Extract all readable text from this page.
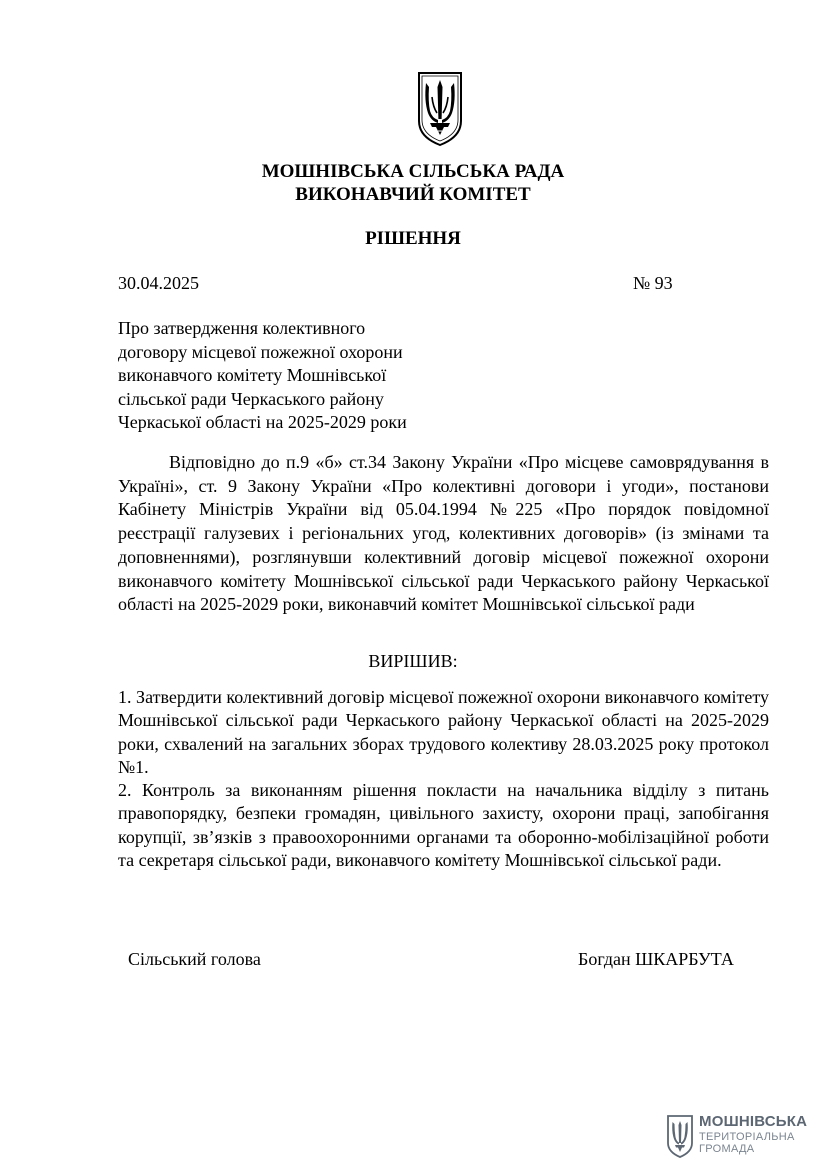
МОШНІВСЬКА СІЛЬСЬКА РАДА
ВИКОНАВЧИЙ КОМІТЕТ
РІШЕННЯ
30.04.2025	№ 93
Про затвердження колективного
договору місцевої пожежної охорони
виконавчого комітету Мошнівської
сільської ради Черкаського району
Черкаської області на 2025-2029 роки

Відповідно до п.9 «б» ст.34 Закону України «Про місцеве самоврядування в Україні», ст. 9 Закону України «Про колективні договори і угоди», постанови Кабінету Міністрів України від 05.04.1994 №225 «Про порядок повідомної реєстрації галузевих і регіональних угод, колективних договорів» (із змінами та доповненнями), розглянувши колективний договір місцевої пожежної охорони виконавчого комітету Мошнівської сільської ради Черкаського району Черкаської області на 2025-2029 роки, виконавчий комітет Мошнівської сільської ради

ВИРІШИВ:

1. Затвердити колективний договір місцевої пожежної охорони виконавчого комітету Мошнівської сільської ради Черкаського району Черкаської області на 2025-2029 роки, схвалений на загальних зборах трудового колективу 28.03.2025 року протокол №1.

2. Контроль за виконанням рішення покласти на начальника відділу з питань правопорядку, безпеки громадян, цивільного захисту, охорони праці, запобігання корупції, зв’язків з правоохоронними органами та оборонно-мобілізаційної роботи та секретаря сільської ради, виконавчого комітету Мошнівської сільської ради.

Сільський голова	Богдан ШКАРБУТА
МОШНІВСЬКА
ТЕРИТОРІАЛЬНА
ГРОМАДА
